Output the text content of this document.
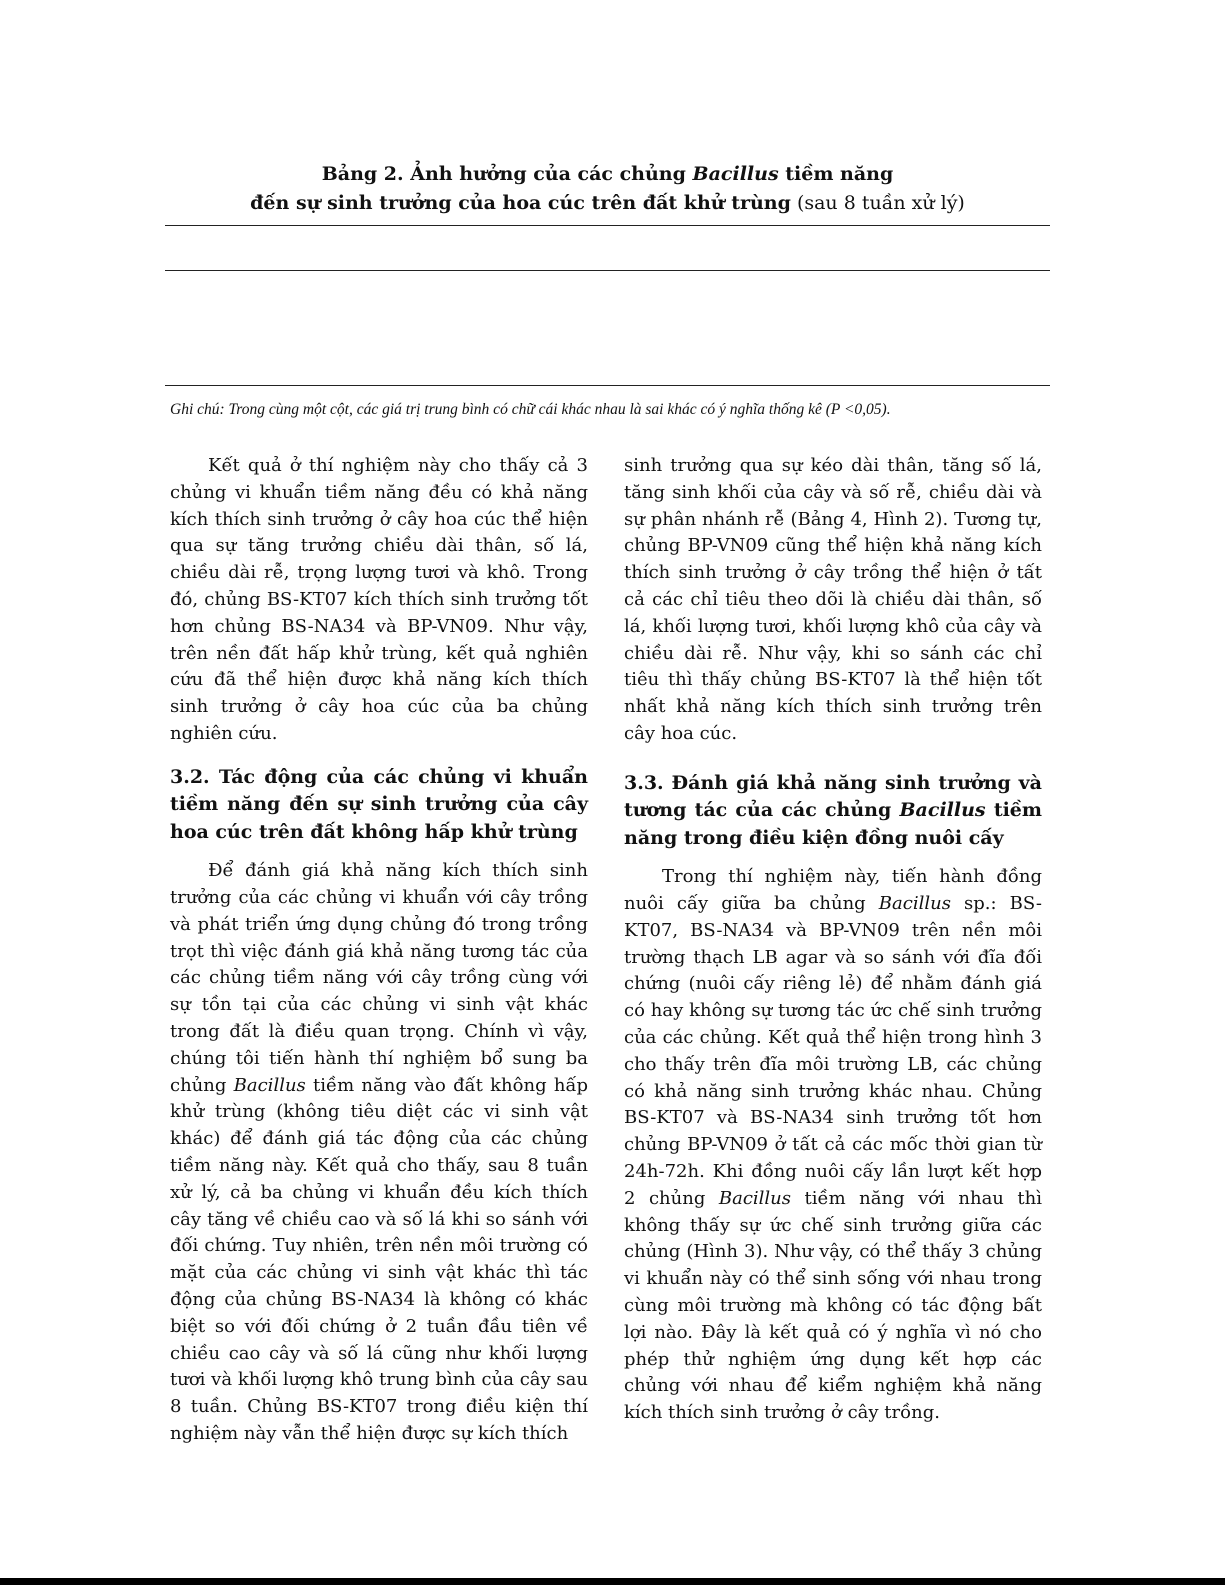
Bảng 2. Ảnh hưởng của các chủng Bacillus tiềm năng
đến sự sinh trưởng của hoa cúc trên đất khử trùng (sau 8 tuần xử lý)
Ghi chú: Trong cùng một cột, các giá trị trung bình có chữ cái khác nhau là sai khác có ý nghĩa thống kê (P <0,05).

Kết quả ở thí nghiệm này cho thấy cả 3 chủng vi khuẩn tiềm năng đều có khả năng kích thích sinh trưởng ở cây hoa cúc thể hiện qua sự tăng trưởng chiều dài thân, số lá, chiều dài rễ, trọng lượng tươi và khô. Trong đó, chủng BS-KT07 kích thích sinh trưởng tốt hơn chủng BS-NA34 và BP-VN09. Như vậy, trên nền đất hấp khử trùng, kết quả nghiên cứu đã thể hiện được khả năng kích thích sinh trưởng ở cây hoa cúc của ba chủng nghiên cứu.

3.2. Tác động của các chủng vi khuẩn tiềm năng đến sự sinh trưởng của cây hoa cúc trên đất không hấp khử trùng

Để đánh giá khả năng kích thích sinh trưởng của các chủng vi khuẩn với cây trồng và phát triển ứng dụng chủng đó trong trồng trọt thì việc đánh giá khả năng tương tác của các chủng tiềm năng với cây trồng cùng với sự tồn tại của các chủng vi sinh vật khác trong đất là điều quan trọng. Chính vì vậy, chúng tôi tiến hành thí nghiệm bổ sung ba chủng Bacillus tiềm năng vào đất không hấp khử trùng (không tiêu diệt các vi sinh vật khác) để đánh giá tác động của các chủng tiềm năng này. Kết quả cho thấy, sau 8 tuần xử lý, cả ba chủng vi khuẩn đều kích thích cây tăng về chiều cao và số lá khi so sánh với đối chứng. Tuy nhiên, trên nền môi trường có mặt của các chủng vi sinh vật khác thì tác động của chủng BS-NA34 là không có khác biệt so với đối chứng ở 2 tuần đầu tiên về chiều cao cây và số lá cũng như khối lượng tươi và khối lượng khô trung bình của cây sau 8 tuần. Chủng BS-KT07 trong điều kiện thí nghiệm này vẫn thể hiện được sự kích thích

sinh trưởng qua sự kéo dài thân, tăng số lá, tăng sinh khối của cây và số rễ, chiều dài và sự phân nhánh rễ (Bảng 4, Hình 2). Tương tự, chủng BP-VN09 cũng thể hiện khả năng kích thích sinh trưởng ở cây trồng thể hiện ở tất cả các chỉ tiêu theo dõi là chiều dài thân, số lá, khối lượng tươi, khối lượng khô của cây và chiều dài rễ. Như vậy, khi so sánh các chỉ tiêu thì thấy chủng BS-KT07 là thể hiện tốt nhất khả năng kích thích sinh trưởng trên cây hoa cúc.

3.3. Đánh giá khả năng sinh trưởng và tương tác của các chủng Bacillus tiềm năng trong điều kiện đồng nuôi cấy

Trong thí nghiệm này, tiến hành đồng nuôi cấy giữa ba chủng Bacillus sp.: BS-KT07, BS-NA34 và BP-VN09 trên nền môi trường thạch LB agar và so sánh với đĩa đối chứng (nuôi cấy riêng lẻ) để nhằm đánh giá có hay không sự tương tác ức chế sinh trưởng của các chủng. Kết quả thể hiện trong hình 3 cho thấy trên đĩa môi trường LB, các chủng có khả năng sinh trưởng khác nhau. Chủng BS-KT07 và BS-NA34 sinh trưởng tốt hơn chủng BP-VN09 ở tất cả các mốc thời gian từ 24h-72h. Khi đồng nuôi cấy lần lượt kết hợp 2 chủng Bacillus tiềm năng với nhau thì không thấy sự ức chế sinh trưởng giữa các chủng (Hình 3). Như vậy, có thể thấy 3 chủng vi khuẩn này có thể sinh sống với nhau trong cùng môi trường mà không có tác động bất lợi nào. Đây là kết quả có ý nghĩa vì nó cho phép thử nghiệm ứng dụng kết hợp các chủng với nhau để kiểm nghiệm khả năng kích thích sinh trưởng ở cây trồng.
